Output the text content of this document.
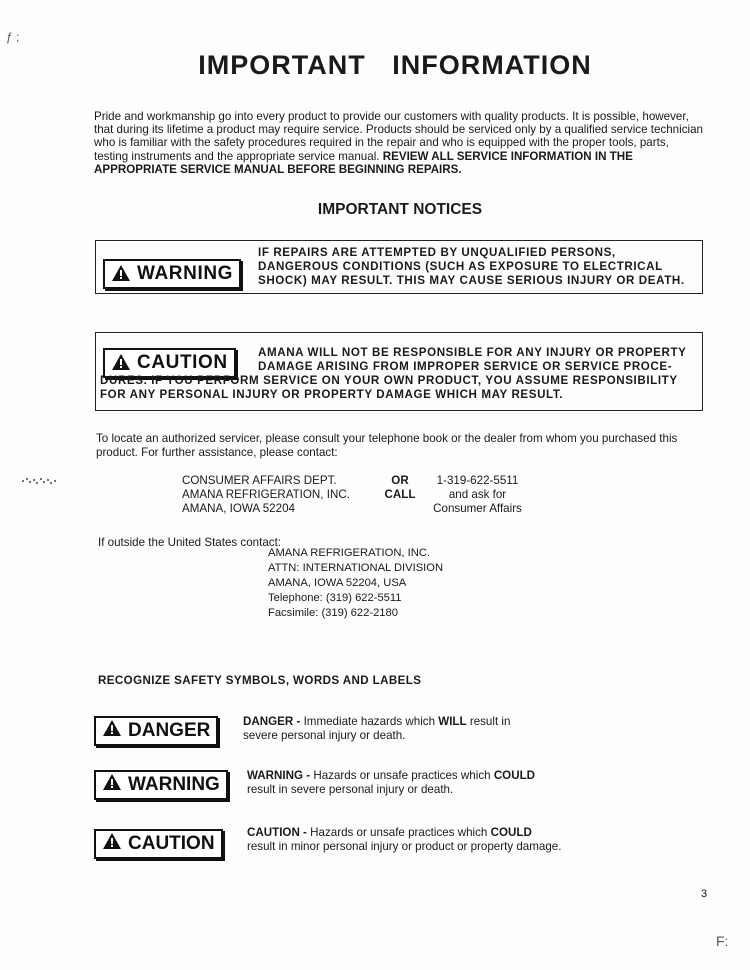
ƒ ;
IMPORTANT INFORMATION
Pride and workmanship go into every product to provide our customers with quality products. It is possible, however, that during its lifetime a product may require service. Products should be serviced only by a qualified service technician who is familiar with the safety procedures required in the repair and who is equipped with the proper tools, parts, testing instruments and the appropriate service manual. REVIEW ALL SERVICE INFORMATION IN THE APPROPRIATE SERVICE MANUAL BEFORE BEGINNING REPAIRS.
IMPORTANT NOTICES
WARNING
IF REPAIRS ARE ATTEMPTED BY UNQUALIFIED PERSONS, DANGEROUS CONDITIONS (SUCH AS EXPOSURE TO ELECTRICAL SHOCK) MAY RESULT. THIS MAY CAUSE SERIOUS INJURY OR DEATH.
CAUTION	AMANA WILL NOT BE RESPONSIBLE FOR ANY INJURY OR PROPERTY DAMAGE ARISING FROM IMPROPER SERVICE OR SERVICE PROCE-
DURES. IF YOU PERFORM SERVICE ON YOUR OWN PRODUCT, YOU ASSUME RESPONSIBILITY FOR ANY PERSONAL INJURY OR PROPERTY DAMAGE WHICH MAY RESULT.
To locate an authorized servicer, please consult your telephone book or the dealer from whom you purchased this product. For further assistance, please contact:
CONSUMER AFFAIRS DEPT.
AMANA REFRIGERATION, INC.
AMANA, IOWA 52204
OR
CALL
1-319-622-5511
and ask for
Consumer Affairs
If outside the United States contact:
AMANA REFRIGERATION, INC.
ATTN: INTERNATIONAL DIVISION
AMANA, IOWA 52204, USA
Telephone: (319) 622-5511
Facsimile: (319) 622-2180
RECOGNIZE SAFETY SYMBOLS, WORDS AND LABELS
DANGER	DANGER - Immediate hazards which WILL result in
severe personal injury or death.
WARNING WARNING - Hazards or unsafe practices which COULD
result in severe personal injury or death.
CAUTION
CAUTION - Hazards or unsafe practices which COULD
result in minor personal injury or product or property damage.
3
F:
